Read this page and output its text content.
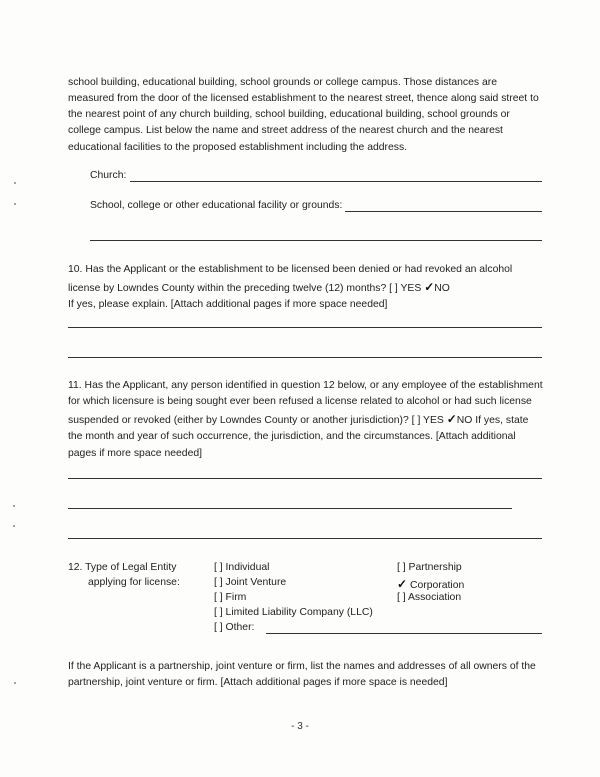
school building, educational building, school grounds or college campus. Those distances are measured from the door of the licensed establishment to the nearest street, thence along said street to the nearest point of any church building, school building, educational building, school grounds or college campus. List below the name and street address of the nearest church and the nearest educational facilities to the proposed establishment including the address.

Church:
School, college or other educational facility or grounds:
10. Has the Applicant or the establishment to be licensed been denied or had revoked an alcohol license by Lowndes County within the preceding twelve (12) months? [ ] YES ✓NO
If yes, please explain. [Attach additional pages if more space needed]
11. Has the Applicant, any person identified in question 12 below, or any employee of the establishment for which licensure is being sought ever been refused a license related to alcohol or had such license suspended or revoked (either by Lowndes County or another jurisdiction)? [ ] YES ✓NO If yes, state the month and year of such occurrence, the jurisdiction, and the circumstances. [Attach additional pages if more space needed]
12. Type of Legal Entity
applying for license:
[ ] Individual
[ ] Joint Venture
[ ] Firm
[ ] Limited Liability Company (LLC)
[ ] Other:
[ ] Partnership
✓ Corporation
[ ] Association

If the Applicant is a partnership, joint venture or firm, list the names and addresses of all owners of the partnership, joint venture or firm. [Attach additional pages if more space is needed]

- 3 -
